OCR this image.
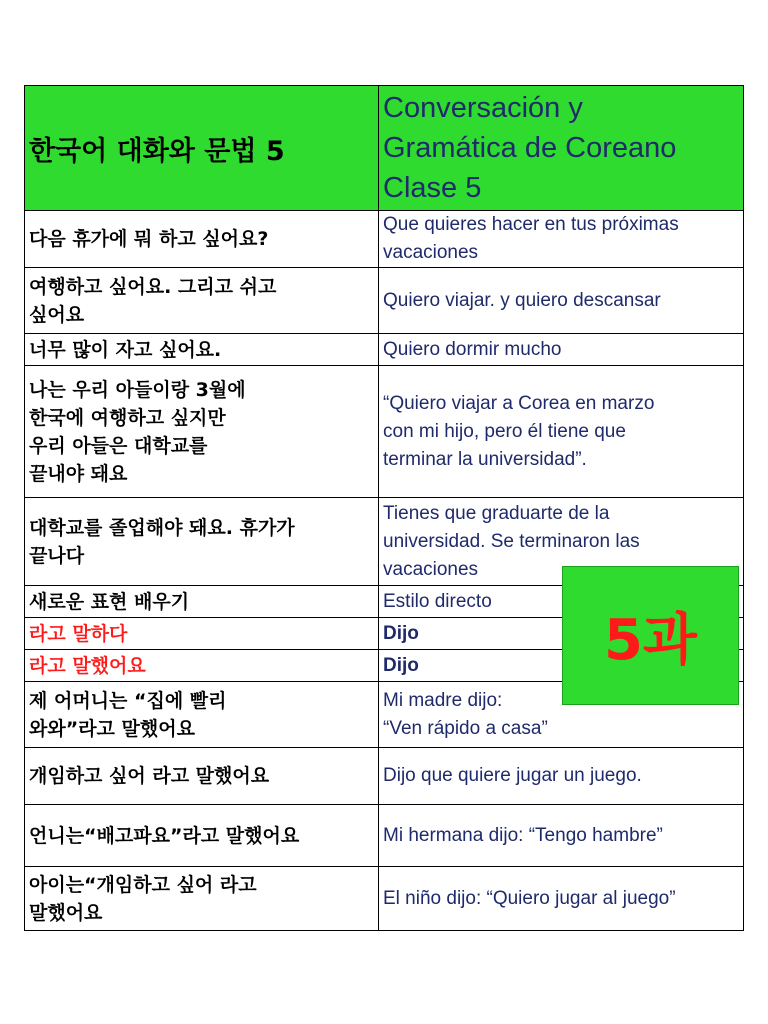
한국어 대화와 문법 5	Conversación y
Gramática de Coreano
Clase 5

다음 휴가에 뭐 하고 싶어요?	Que quieres hacer en tus próximas
vacaciones

여행하고 싶어요. 그리고 쉬고
싶어요	Quiero viajar. y quiero descansar

너무 많이 자고 싶어요.	Quiero dormir mucho

나는 우리 아들이랑 3월에
한국에 여행하고 싶지만
우리 아들은 대학교를
끝내야 돼요	“Quiero viajar a Corea en marzo
con mi hijo, pero él tiene que
terminar la universidad”.

대학교를 졸업해야 돼요. 휴가가
끝나다	Tienes que graduarte de la
universidad. Se terminaron las
vacaciones

새로운 표현 배우기	Estilo directo

라고 말하다	Dijo

라고 말했어요	Dijo

제 어머니는 “집에 빨리
와와”라고 말했어요	Mi madre dijo:
“Ven rápido a casa”

개임하고 싶어 라고 말했어요	Dijo que quiere jugar un juego.

언니는“배고파요”라고 말했어요	Mi hermana dijo: “Tengo hambre”

아이는“개임하고 싶어 라고
말했어요	El niño dijo: “Quiero jugar al juego”
5과
